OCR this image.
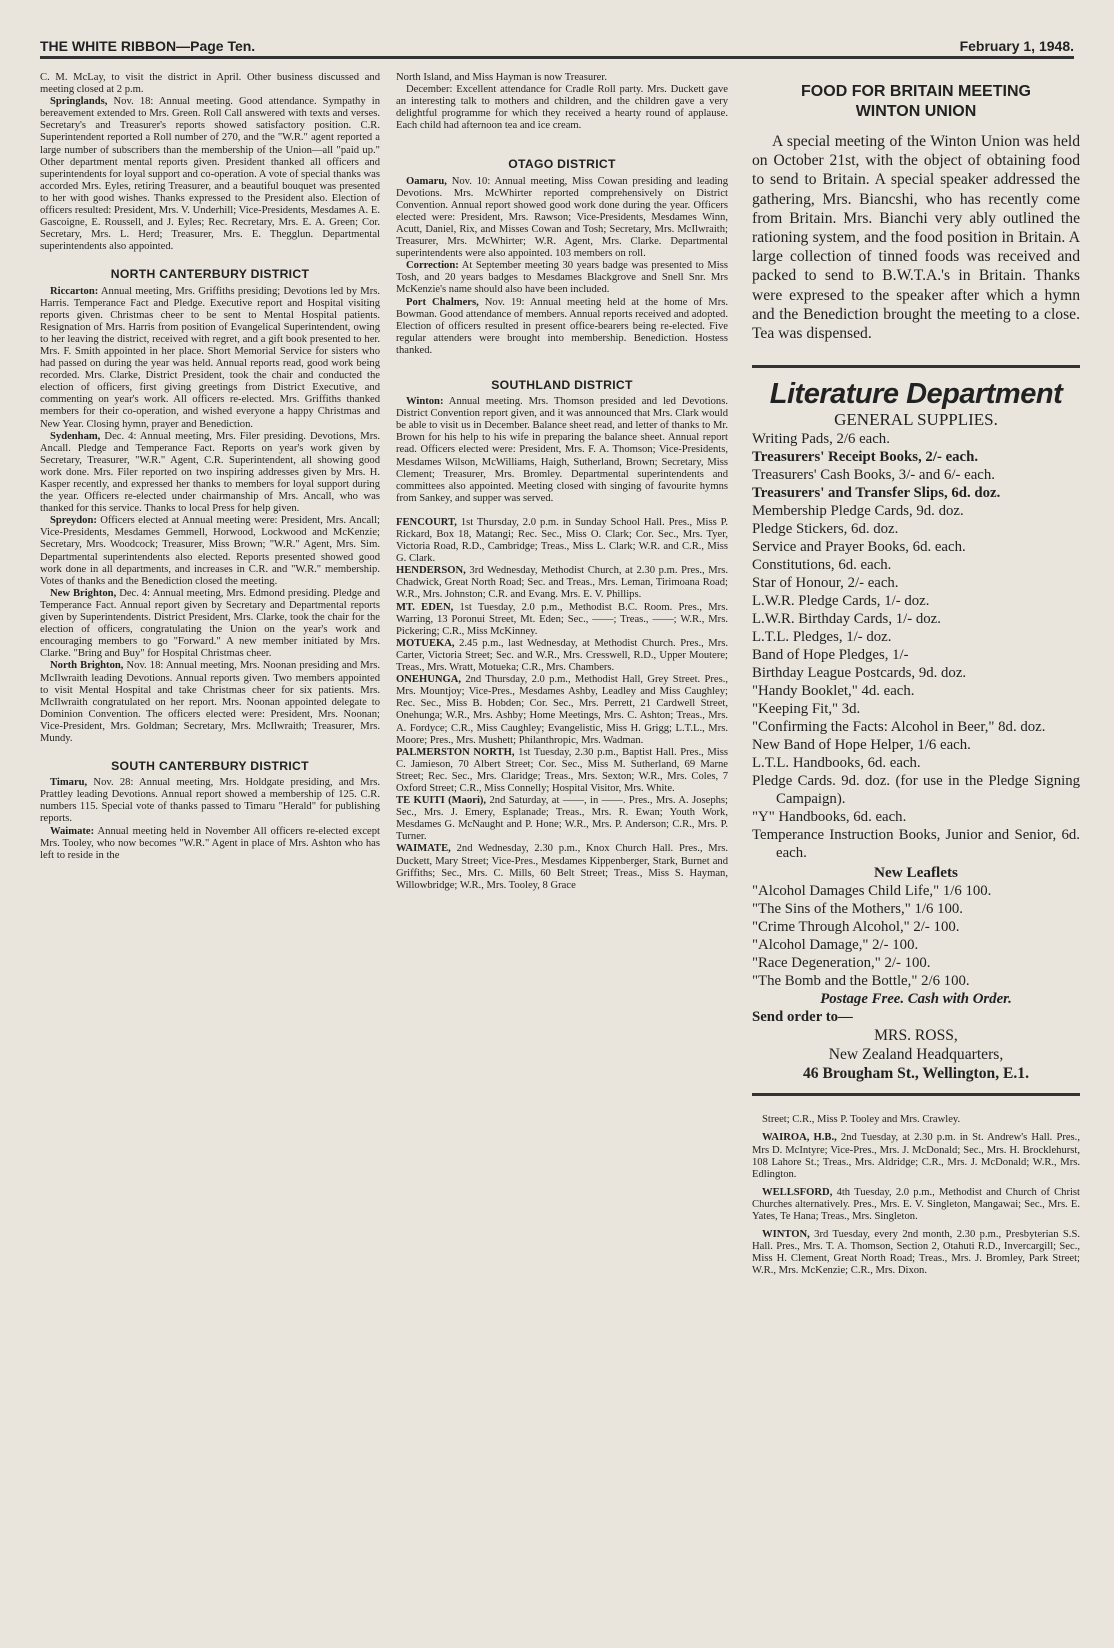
THE WHITE RIBBON—Page Ten.	February 1, 1948.

C. M. McLay, to visit the district in April. Other business discussed and meeting closed at 2 p.m.

Springlands, Nov. 18: Annual meeting. Good attendance. Sympathy in bereavement extended to Mrs. Green. Roll Call answered with texts and verses. Secretary's and Treasurer's reports showed satisfactory position. C.R. Superintendent reported a Roll number of 270, and the "W.R." agent reported a large number of subscribers than the membership of the Union—all "paid up." Other department mental reports given. President thanked all officers and superintendents for loyal support and co-operation. A vote of special thanks was accorded Mrs. Eyles, retiring Treasurer, and a beautiful bouquet was presented to her with good wishes. Thanks expressed to the President also. Election of officers resulted: President, Mrs. V. Underhill; Vice-Presidents, Mesdames A. E. Gascoigne, E. Roussell, and J. Eyles; Rec. Recretary, Mrs. E. A. Green; Cor. Secretary, Mrs. L. Herd; Treasurer, Mrs. E. Thegglun. Departmental superintendents also appointed.

NORTH CANTERBURY DISTRICT

Riccarton: Annual meeting, Mrs. Griffiths presiding; Devotions led by Mrs. Harris. Temperance Fact and Pledge. Executive report and Hospital visiting reports given. Christmas cheer to be sent to Mental Hospital patients. Resignation of Mrs. Harris from position of Evangelical Superintendent, owing to her leaving the district, received with regret, and a gift book presented to her. Mrs. F. Smith appointed in her place. Short Memorial Service for sisters who had passed on during the year was held. Annual reports read, good work being recorded. Mrs. Clarke, District President, took the chair and conducted the election of officers, first giving greetings from District Executive, and commenting on year's work. All officers re-elected. Mrs. Griffiths thanked members for their co-operation, and wished everyone a happy Christmas and New Year. Closing hymn, prayer and Benediction.

Sydenham, Dec. 4: Annual meeting, Mrs. Filer presiding. Devotions, Mrs. Ancall. Pledge and Temperance Fact. Reports on year's work given by Secretary, Treasurer, "W.R." Agent, C.R. Superintendent, all showing good work done. Mrs. Filer reported on two inspiring addresses given by Mrs. H. Kasper recently, and expressed her thanks to members for loyal support during the year. Officers re-elected under chairmanship of Mrs. Ancall, who was thanked for this service. Thanks to local Press for help given.

Spreydon: Officers elected at Annual meeting were: President, Mrs. Ancall; Vice-Presidents, Mesdames Gemmell, Horwood, Lockwood and McKenzie; Secretary, Mrs. Woodcock; Treasurer, Miss Brown; "W.R." Agent, Mrs. Sim. Departmental superintendents also elected. Reports presented showed good work done in all departments, and increases in C.R. and "W.R." membership. Votes of thanks and the Benediction closed the meeting.

New Brighton, Dec. 4: Annual meeting, Mrs. Edmond presiding. Pledge and Temperance Fact. Annual report given by Secretary and Departmental reports given by Superintendents. District President, Mrs. Clarke, took the chair for the election of officers, congratulating the Union on the year's work and encouraging members to go "Forward." A new member initiated by Mrs. Clarke. "Bring and Buy" for Hospital Christmas cheer.

North Brighton, Nov. 18: Annual meeting, Mrs. Noonan presiding and Mrs. McIlwraith leading Devotions. Annual reports given. Two members appointed to visit Mental Hospital and take Christmas cheer for six patients. Mrs. McIlwraith congratulated on her report. Mrs. Noonan appointed delegate to Dominion Convention. The officers elected were: President, Mrs. Noonan; Vice-President, Mrs. Goldman; Secretary, Mrs. McIlwraith; Treasurer, Mrs. Mundy.

SOUTH CANTERBURY DISTRICT

Timaru, Nov. 28: Annual meeting, Mrs. Holdgate presiding, and Mrs. Prattley leading Devotions. Annual report showed a membership of 125. C.R. numbers 115. Special vote of thanks passed to Timaru "Herald" for publishing reports.

Waimate: Annual meeting held in November All officers re-elected except Mrs. Tooley, who now becomes "W.R." Agent in place of Mrs. Ashton who has left to reside in the

North Island, and Miss Hayman is now Treasurer.

December: Excellent attendance for Cradle Roll party. Mrs. Duckett gave an interesting talk to mothers and children, and the children gave a very delightful programme for which they received a hearty round of applause. Each child had afternoon tea and ice cream.

OTAGO DISTRICT

Oamaru, Nov. 10: Annual meeting, Miss Cowan presiding and leading Devotions. Mrs. McWhirter reported comprehensively on District Convention. Annual report showed good work done during the year. Officers elected were: President, Mrs. Rawson; Vice-Presidents, Mesdames Winn, Acutt, Daniel, Rix, and Misses Cowan and Tosh; Secretary, Mrs. McIlwraith; Treasurer, Mrs. McWhirter; W.R. Agent, Mrs. Clarke. Departmental superintendents were also appointed. 103 members on roll.

Correction: At September meeting 30 years badge was presented to Miss Tosh, and 20 years badges to Mesdames Blackgrove and Snell Snr. Mrs McKenzie's name should also have been included.

Port Chalmers, Nov. 19: Annual meeting held at the home of Mrs. Bowman. Good attendance of members. Annual reports received and adopted. Election of officers resulted in present office-bearers being re-elected. Five regular attenders were brought into membership. Benediction. Hostess thanked.

SOUTHLAND DISTRICT

Winton: Annual meeting. Mrs. Thomson presided and led Devotions. District Convention report given, and it was announced that Mrs. Clark would be able to visit us in December. Balance sheet read, and letter of thanks to Mr. Brown for his help to his wife in preparing the balance sheet. Annual report read. Officers elected were: President, Mrs. F. A. Thomson; Vice-Presidents, Mesdames Wilson, McWilliams, Haigh, Sutherland, Brown; Secretary, Miss Clement; Treasurer, Mrs. Bromley. Departmental superintendents and committees also appointed. Meeting closed with singing of favourite hymns from Sankey, and supper was served.

FENCOURT, 1st Thursday, 2.0 p.m. in Sunday School Hall. Pres., Miss P. Rickard, Box 18, Matangi; Rec. Sec., Miss O. Clark; Cor. Sec., Mrs. Tyer, Victoria Road, R.D., Cambridge; Treas., Miss L. Clark; W.R. and C.R., Miss G. Clark.

HENDERSON, 3rd Wednesday, Methodist Church, at 2.30 p.m. Pres., Mrs. Chadwick, Great North Road; Sec. and Treas., Mrs. Leman, Tirimoana Road; W.R., Mrs. Johnston; C.R. and Evang. Mrs. E. V. Phillips.

MT. EDEN, 1st Tuesday, 2.0 p.m., Methodist B.C. Room. Pres., Mrs. Warring, 13 Poronui Street, Mt. Eden; Sec., ——; Treas., ——; W.R., Mrs. Pickering; C.R., Miss McKinney.

MOTUEKA, 2.45 p.m., last Wednesday, at Methodist Church. Pres., Mrs. Carter, Victoria Street; Sec. and W.R., Mrs. Cresswell, R.D., Upper Moutere; Treas., Mrs. Wratt, Motueka; C.R., Mrs. Chambers.

ONEHUNGA, 2nd Thursday, 2.0 p.m., Methodist Hall, Grey Street. Pres., Mrs. Mountjoy; Vice-Pres., Mesdames Ashby, Leadley and Miss Caughley; Rec. Sec., Miss B. Hobden; Cor. Sec., Mrs. Perrett, 21 Cardwell Street, Onehunga; W.R., Mrs. Ashby; Home Meetings, Mrs. C. Ashton; Treas., Mrs. A. Fordyce; C.R., Miss Caughley; Evangelistic, Miss H. Grigg; L.T.L., Mrs. Moore; Pres., Mrs. Mushett; Philanthropic, Mrs. Wadman.

PALMERSTON NORTH, 1st Tuesday, 2.30 p.m., Baptist Hall. Pres., Miss C. Jamieson, 70 Albert Street; Cor. Sec., Miss M. Sutherland, 69 Marne Street; Rec. Sec., Mrs. Claridge; Treas., Mrs. Sexton; W.R., Mrs. Coles, 7 Oxford Street; C.R., Miss Connelly; Hospital Visitor, Mrs. White.

TE KUITI (Maori), 2nd Saturday, at ——, in ——. Pres., Mrs. A. Josephs; Sec., Mrs. J. Emery, Esplanade; Treas., Mrs. R. Ewan; Youth Work, Mesdames G. McNaught and P. Hone; W.R., Mrs. P. Anderson; C.R., Mrs. P. Turner.

WAIMATE, 2nd Wednesday, 2.30 p.m., Knox Church Hall. Pres., Mrs. Duckett, Mary Street; Vice-Pres., Mesdames Kippenberger, Stark, Burnet and Griffiths; Sec., Mrs. C. Mills, 60 Belt Street; Treas., Miss S. Hayman, Willowbridge; W.R., Mrs. Tooley, 8 Grace

FOOD FOR BRITAIN MEETING
WINTON UNION

A special meeting of the Winton Union was held on October 21st, with the object of obtaining food to send to Britain. A special speaker addressed the gathering, Mrs. Biancshi, who has recently come from Britain. Mrs. Bianchi very ably outlined the rationing system, and the food position in Britain. A large collection of tinned foods was received and packed to send to B.W.T.A.'s in Britain. Thanks were expresed to the speaker after which a hymn and the Benediction brought the meeting to a close. Tea was dispensed.

Literature Department
GENERAL SUPPLIES.
Writing Pads, 2/6 each.
Treasurers' Receipt Books, 2/- each.
Treasurers' Cash Books, 3/- and 6/- each.
Treasurers' and Transfer Slips, 6d. doz.
Membership Pledge Cards, 9d. doz.
Pledge Stickers, 6d. doz.
Service and Prayer Books, 6d. each.
Constitutions, 6d. each.
Star of Honour, 2/- each.
L.W.R. Pledge Cards, 1/- doz.
L.W.R. Birthday Cards, 1/- doz.
L.T.L. Pledges, 1/- doz.
Band of Hope Pledges, 1/-
Birthday League Postcards, 9d. doz.
"Handy Booklet," 4d. each.
"Keeping Fit," 3d.
"Confirming the Facts: Alcohol in Beer," 8d. doz.
New Band of Hope Helper, 1/6 each.
L.T.L. Handbooks, 6d. each.
Pledge Cards. 9d. doz. (for use in the Pledge Signing Campaign).
"Y" Handbooks, 6d. each.
Temperance Instruction Books, Junior and Senior, 6d. each.
New Leaflets
"Alcohol Damages Child Life," 1/6 100.
"The Sins of the Mothers," 1/6 100.
"Crime Through Alcohol," 2/- 100.
"Alcohol Damage," 2/- 100.
"Race Degeneration," 2/- 100.
"The Bomb and the Bottle," 2/6 100.
Postage Free. Cash with Order.
Send order to—
MRS. ROSS,
New Zealand Headquarters,
46 Brougham St., Wellington, E.1.

Street; C.R., Miss P. Tooley and Mrs. Crawley.

WAIROA, H.B., 2nd Tuesday, at 2.30 p.m. in St. Andrew's Hall. Pres., Mrs D. McIntyre; Vice-Pres., Mrs. J. McDonald; Sec., Mrs. H. Brocklehurst, 108 Lahore St.; Treas., Mrs. Aldridge; C.R., Mrs. J. McDonald; W.R., Mrs. Edlington.

WELLSFORD, 4th Tuesday, 2.0 p.m., Methodist and Church of Christ Churches alternatively. Pres., Mrs. E. V. Singleton, Mangawai; Sec., Mrs. E. Yates, Te Hana; Treas., Mrs. Singleton.

WINTON, 3rd Tuesday, every 2nd month, 2.30 p.m., Presbyterian S.S. Hall. Pres., Mrs. T. A. Thomson, Section 2, Otahuti R.D., Invercargill; Sec., Miss H. Clement, Great North Road; Treas., Mrs. J. Bromley, Park Street; W.R., Mrs. McKenzie; C.R., Mrs. Dixon.
